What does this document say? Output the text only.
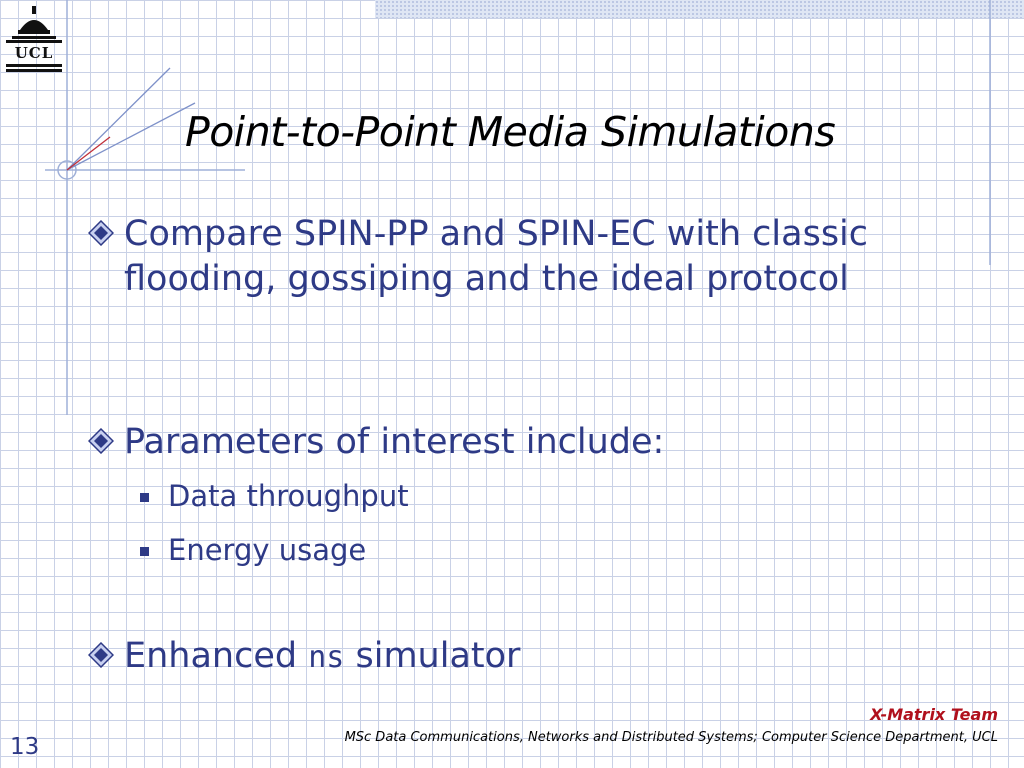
UCL
Point-to-Point Media Simulations
Compare SPIN-PP and SPIN-EC with classic flooding, gossiping and the ideal protocol
Parameters of interest include:
Data throughput
Energy usage
Enhanced ns simulator
X-Matrix Team
MSc Data Communications, Networks and Distributed Systems; Computer Science Department, UCL
13
